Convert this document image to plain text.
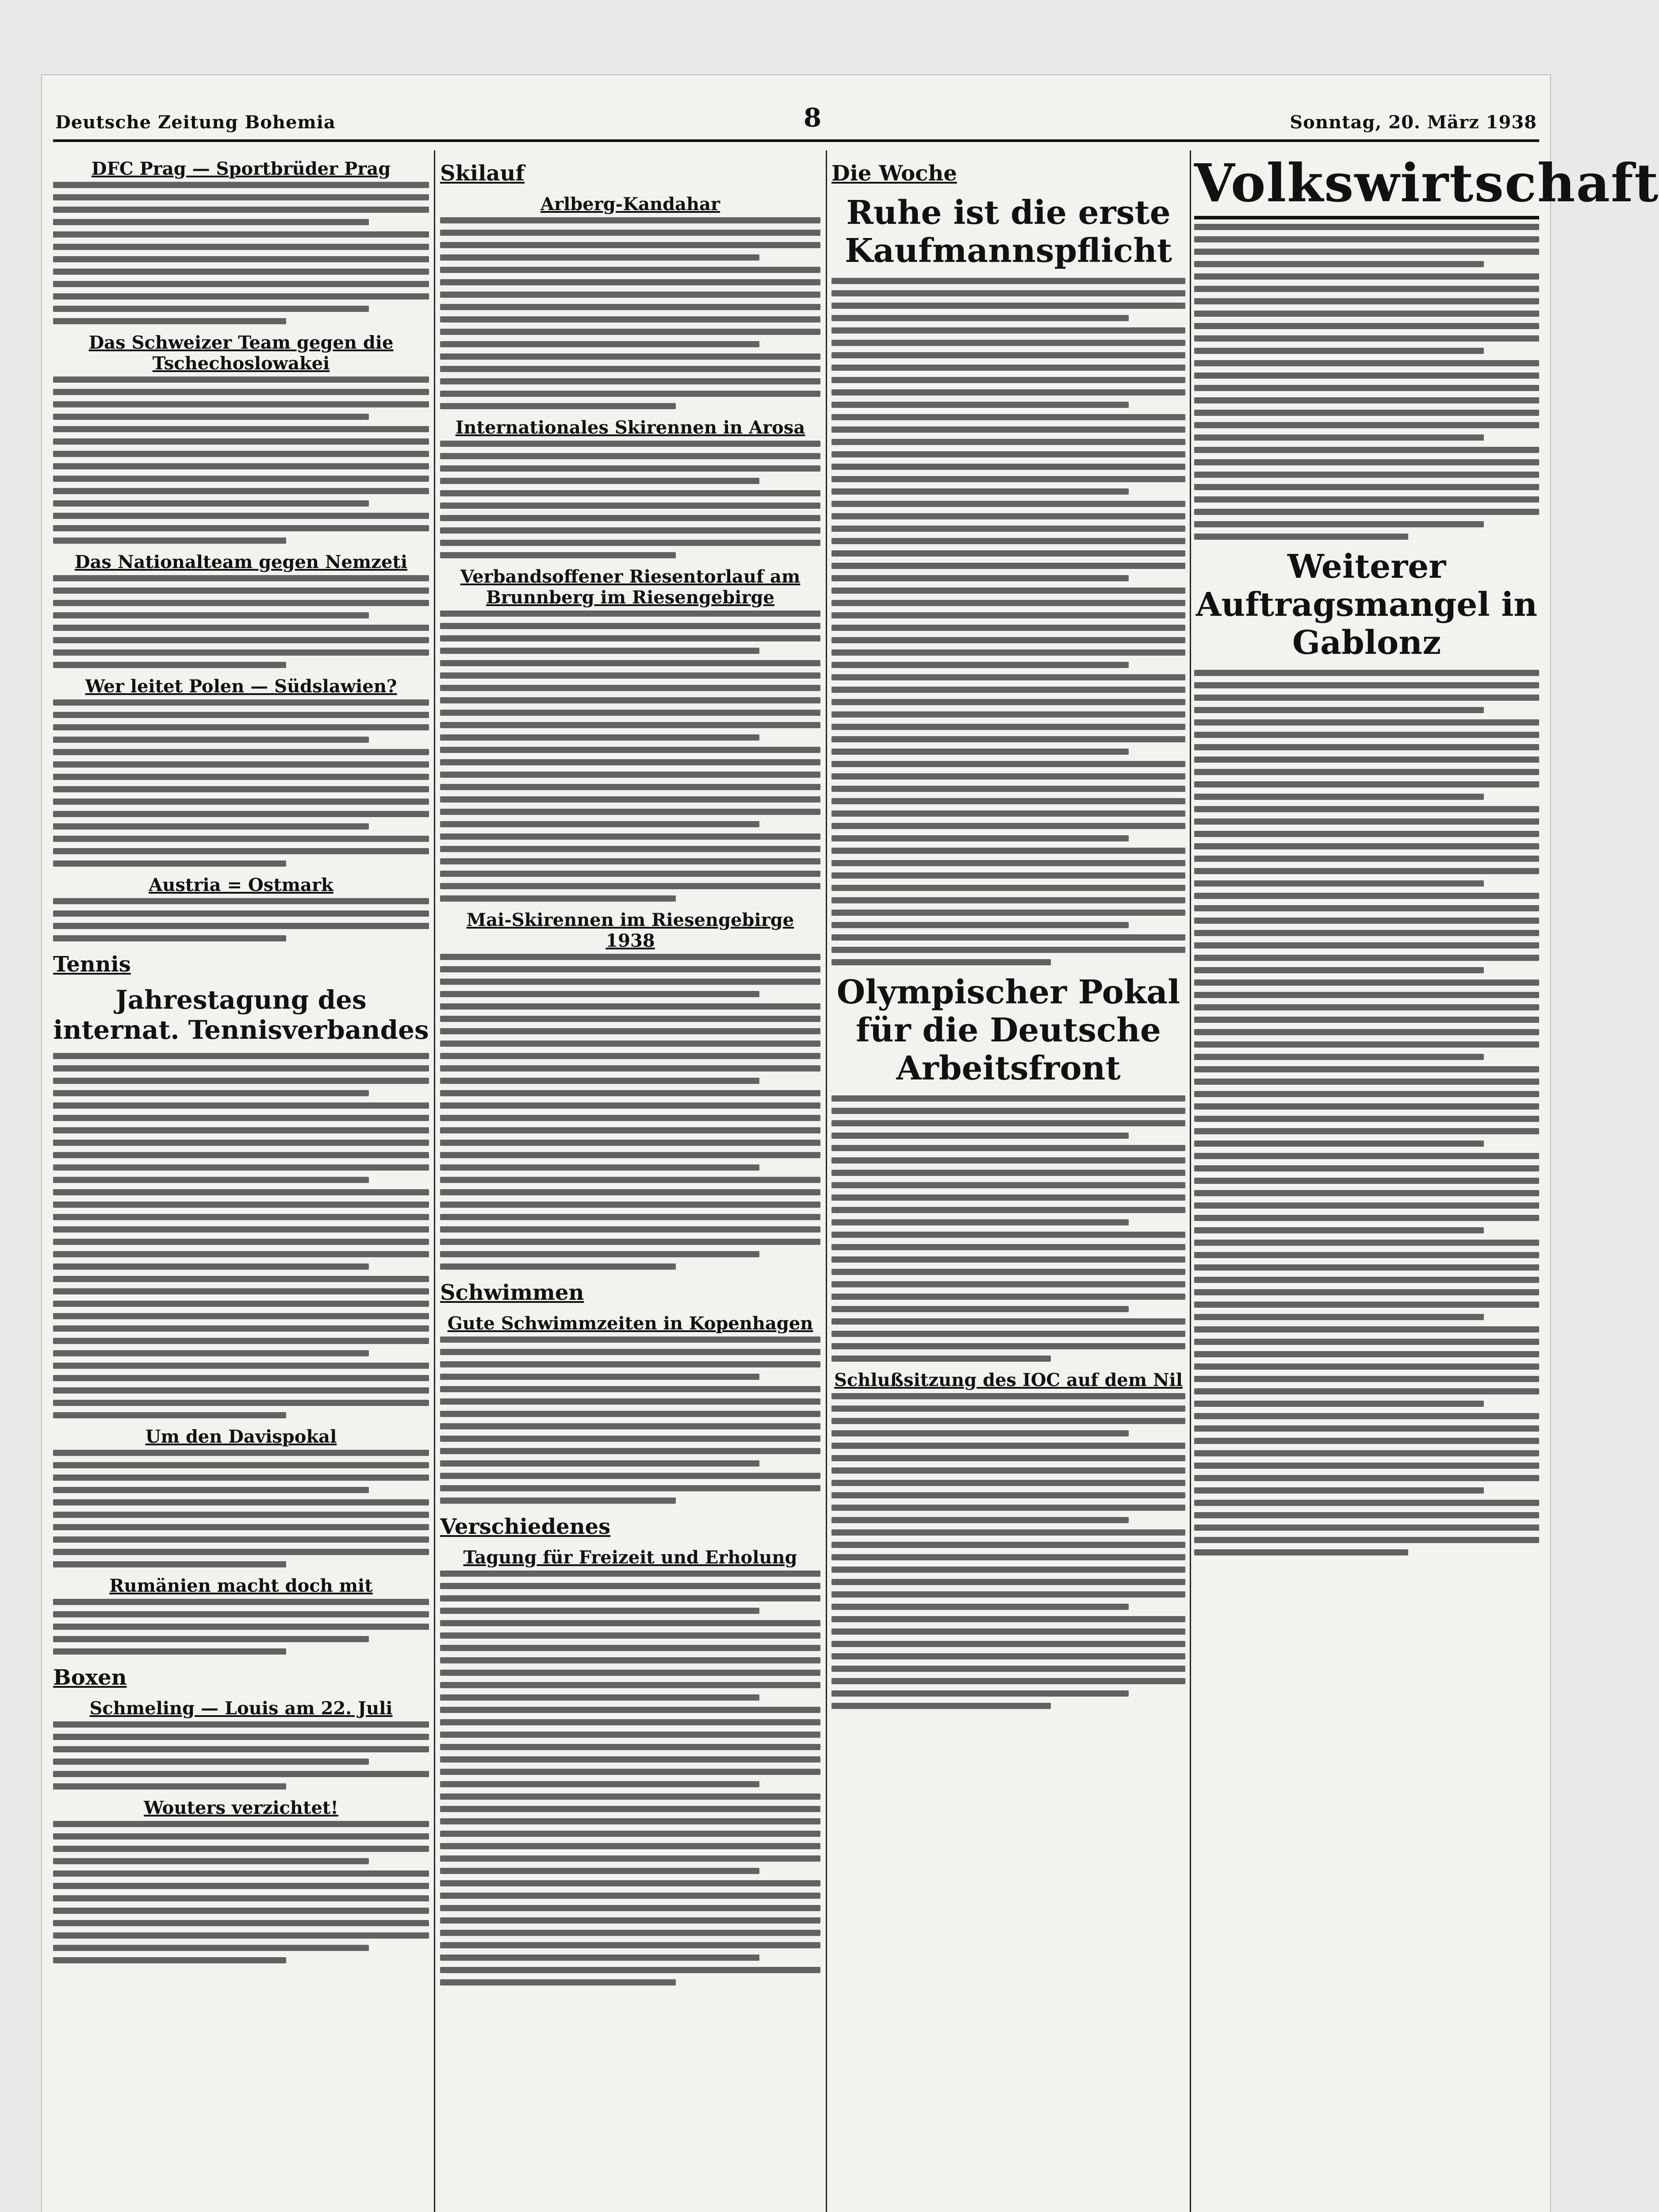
Deutsche Zeitung Bohemia	8	Sonntag, 20. März 1938
DFC Prag — Sportbrüder Prag
Das Schweizer Team gegen die Tschechoslowakei
Das Nationalteam gegen Nemzeti
Wer leitet Polen — Südslawien?
Austria = Ostmark
Tennis
Jahrestagung des internat. Tennisverbandes
Um den Davispokal
Rumänien macht doch mit
Boxen
Schmeling — Louis am 22. Juli
Wouters verzichtet!
Skilauf
Arlberg-Kandahar
Internationales Skirennen in Arosa
Verbandsoffener Riesentorlauf am Brunnberg im Riesengebirge
Mai-Skirennen im Riesengebirge 1938
Schwimmen
Gute Schwimmzeiten in Kopenhagen
Verschiedenes
Tagung für Freizeit und Erholung
Die Woche
Ruhe ist die erste Kaufmannspflicht
Olympischer Pokal für die Deutsche Arbeitsfront
Schlußsitzung des IOC auf dem Nil
Volkswirtschaft
Weiterer Auftragsmangel in Gablonz
